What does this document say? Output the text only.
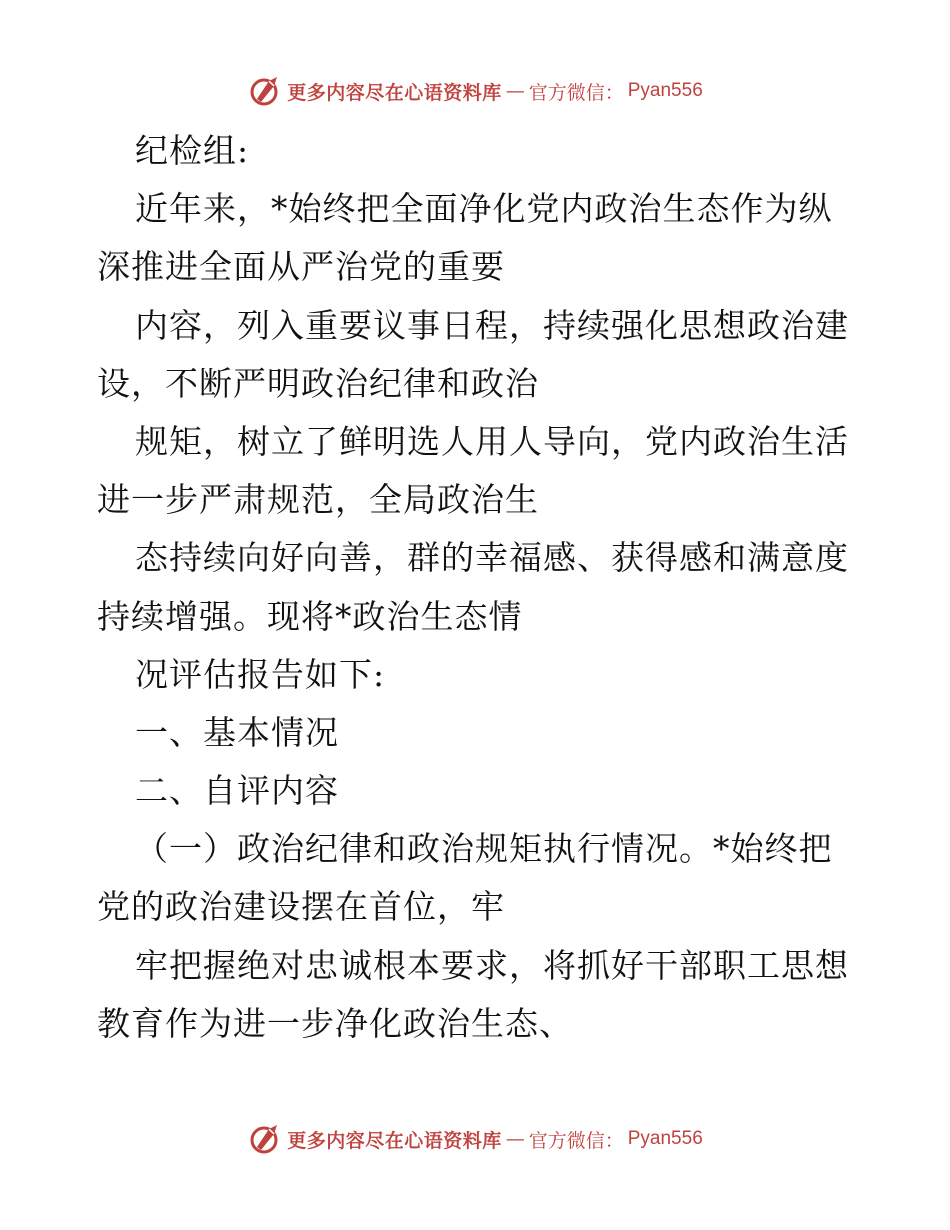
更多内容尽在心语资料库 — 官方微信： Pyan556
纪检组:
近年来，*始终把全面净化党内政治生态作为纵
深推进全面从严治党的重要
内容，列入重要议事日程，持续强化思想政治建
设，不断严明政治纪律和政治
规矩，树立了鲜明选人用人导向，党内政治生活
进一步严肃规范，全局政治生
态持续向好向善，群的幸福感、获得感和满意度
持续增强。现将*政治生态情
况评估报告如下:
一、基本情况
二、自评内容
（一）政治纪律和政治规矩执行情况。*始终把
党的政治建设摆在首位，牢
牢把握绝对忠诚根本要求，将抓好干部职工思想
教育作为进一步净化政治生态、
更多内容尽在心语资料库 — 官方微信： Pyan556
